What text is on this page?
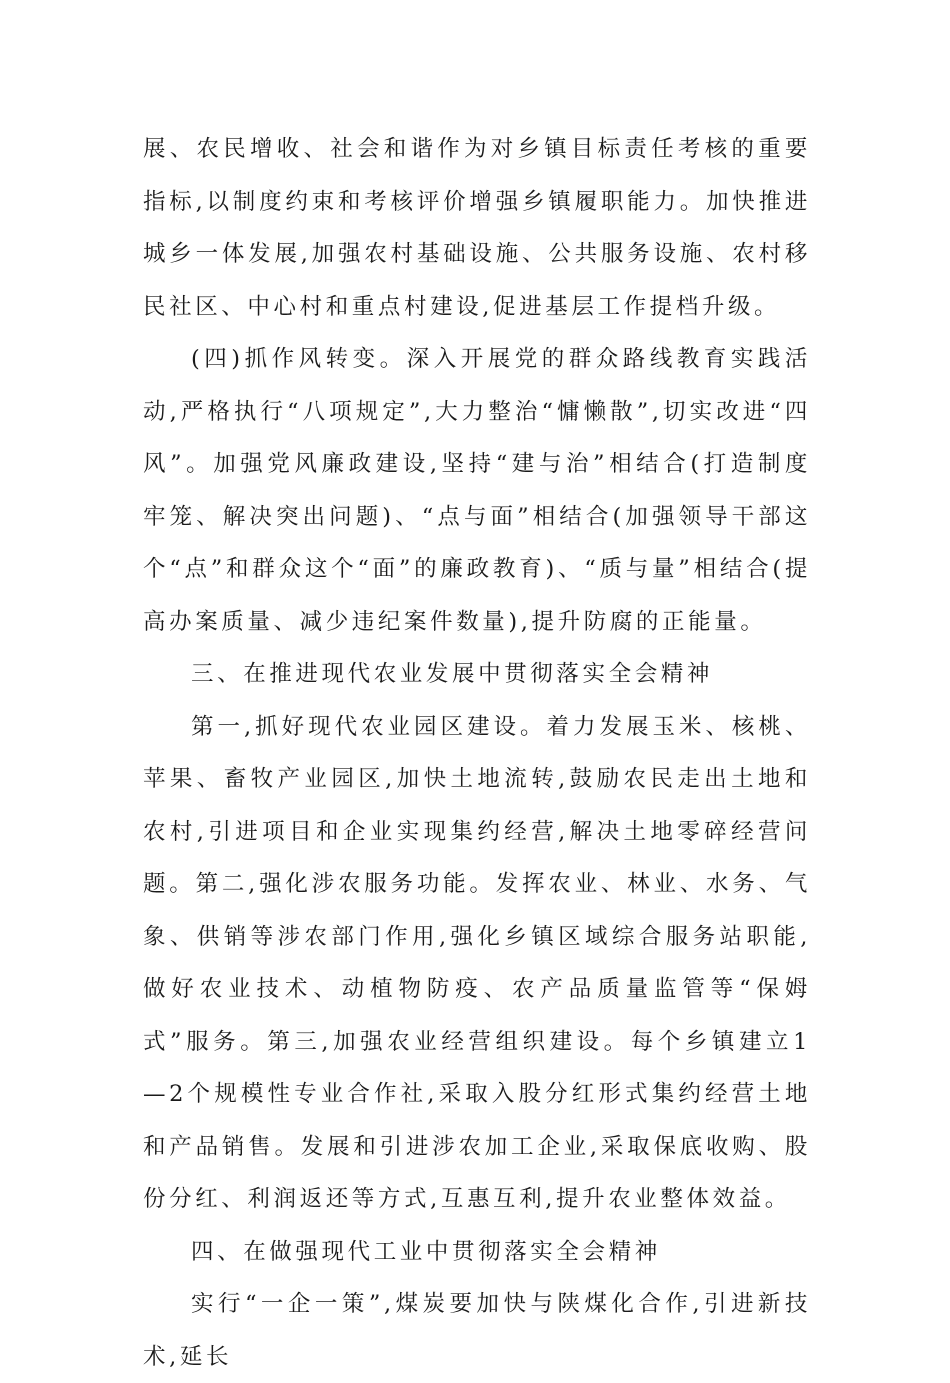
展、农民增收、社会和谐作为对乡镇目标责任考核的重要指标,以制度约束和考核评价增强乡镇履职能力。加快推进城乡一体发展,加强农村基础设施、公共服务设施、农村移民社区、中心村和重点村建设,促进基层工作提档升级。

(四)抓作风转变。深入开展党的群众路线教育实践活动,严格执行“八项规定”,大力整治“慵懒散”,切实改进“四风”。加强党风廉政建设,坚持“建与治”相结合(打造制度牢笼、解决突出问题)、“点与面”相结合(加强领导干部这个“点”和群众这个“面”的廉政教育)、“质与量”相结合(提高办案质量、减少违纪案件数量),提升防腐的正能量。

三、在推进现代农业发展中贯彻落实全会精神

第一,抓好现代农业园区建设。着力发展玉米、核桃、苹果、畜牧产业园区,加快土地流转,鼓励农民走出土地和农村,引进项目和企业实现集约经营,解决土地零碎经营问题。第二,强化涉农服务功能。发挥农业、林业、水务、气象、供销等涉农部门作用,强化乡镇区域综合服务站职能,做好农业技术、动植物防疫、农产品质量监管等“保姆式”服务。第三,加强农业经营组织建设。每个乡镇建立1—2个规模性专业合作社,采取入股分红形式集约经营土地和产品销售。发展和引进涉农加工企业,采取保底收购、股份分红、利润返还等方式,互惠互利,提升农业整体效益。

四、在做强现代工业中贯彻落实全会精神

实行“一企一策”,煤炭要加快与陕煤化合作,引进新技术,延长
